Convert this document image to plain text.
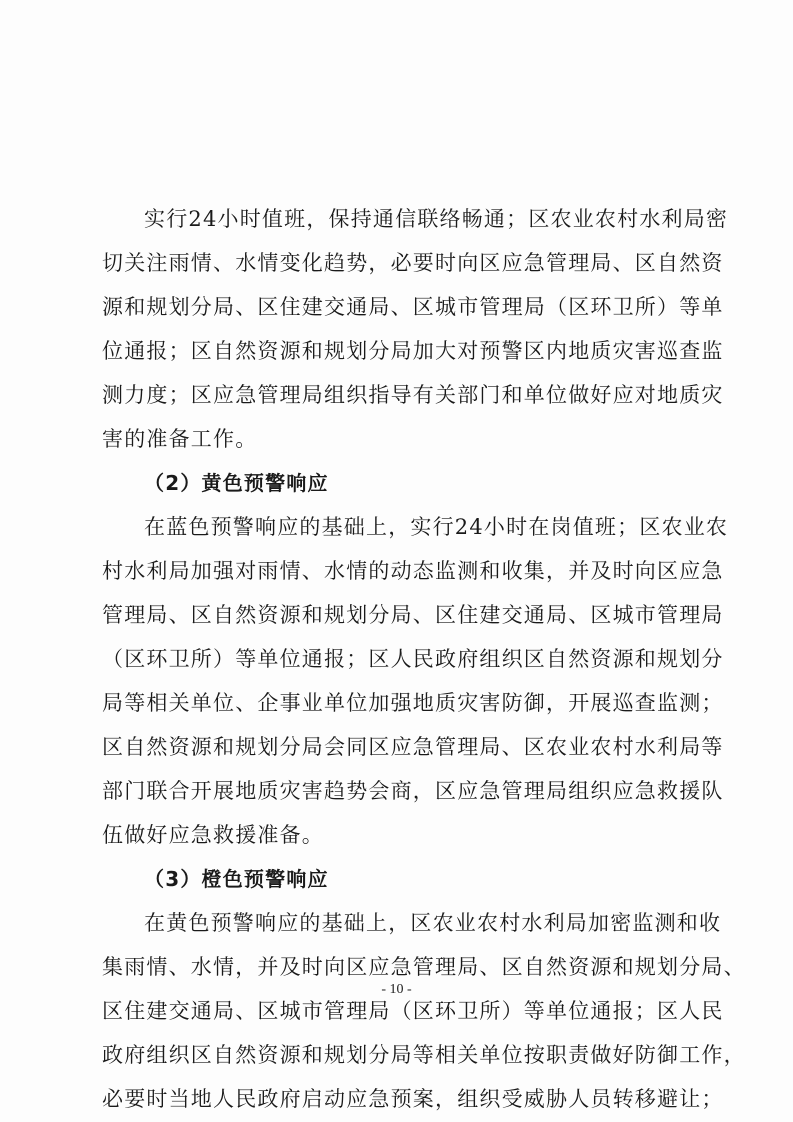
实行24小时值班，保持通信联络畅通；区农业农村水利局密
切关注雨情、水情变化趋势，必要时向区应急管理局、区自然资
源和规划分局、区住建交通局、区城市管理局（区环卫所）等单
位通报；区自然资源和规划分局加大对预警区内地质灾害巡查监
测力度；区应急管理局组织指导有关部门和单位做好应对地质灾
害的准备工作。
（2）黄色预警响应
在蓝色预警响应的基础上，实行24小时在岗值班；区农业农
村水利局加强对雨情、水情的动态监测和收集，并及时向区应急
管理局、区自然资源和规划分局、区住建交通局、区城市管理局
（区环卫所）等单位通报；区人民政府组织区自然资源和规划分
局等相关单位、企事业单位加强地质灾害防御，开展巡查监测；
区自然资源和规划分局会同区应急管理局、区农业农村水利局等
部门联合开展地质灾害趋势会商，区应急管理局组织应急救援队
伍做好应急救援准备。
（3）橙色预警响应
在黄色预警响应的基础上，区农业农村水利局加密监测和收
集雨情、水情，并及时向区应急管理局、区自然资源和规划分局、
区住建交通局、区城市管理局（区环卫所）等单位通报；区人民
政府组织区自然资源和规划分局等相关单位按职责做好防御工作，
必要时当地人民政府启动应急预案，组织受威胁人员转移避让；
- 10 -
